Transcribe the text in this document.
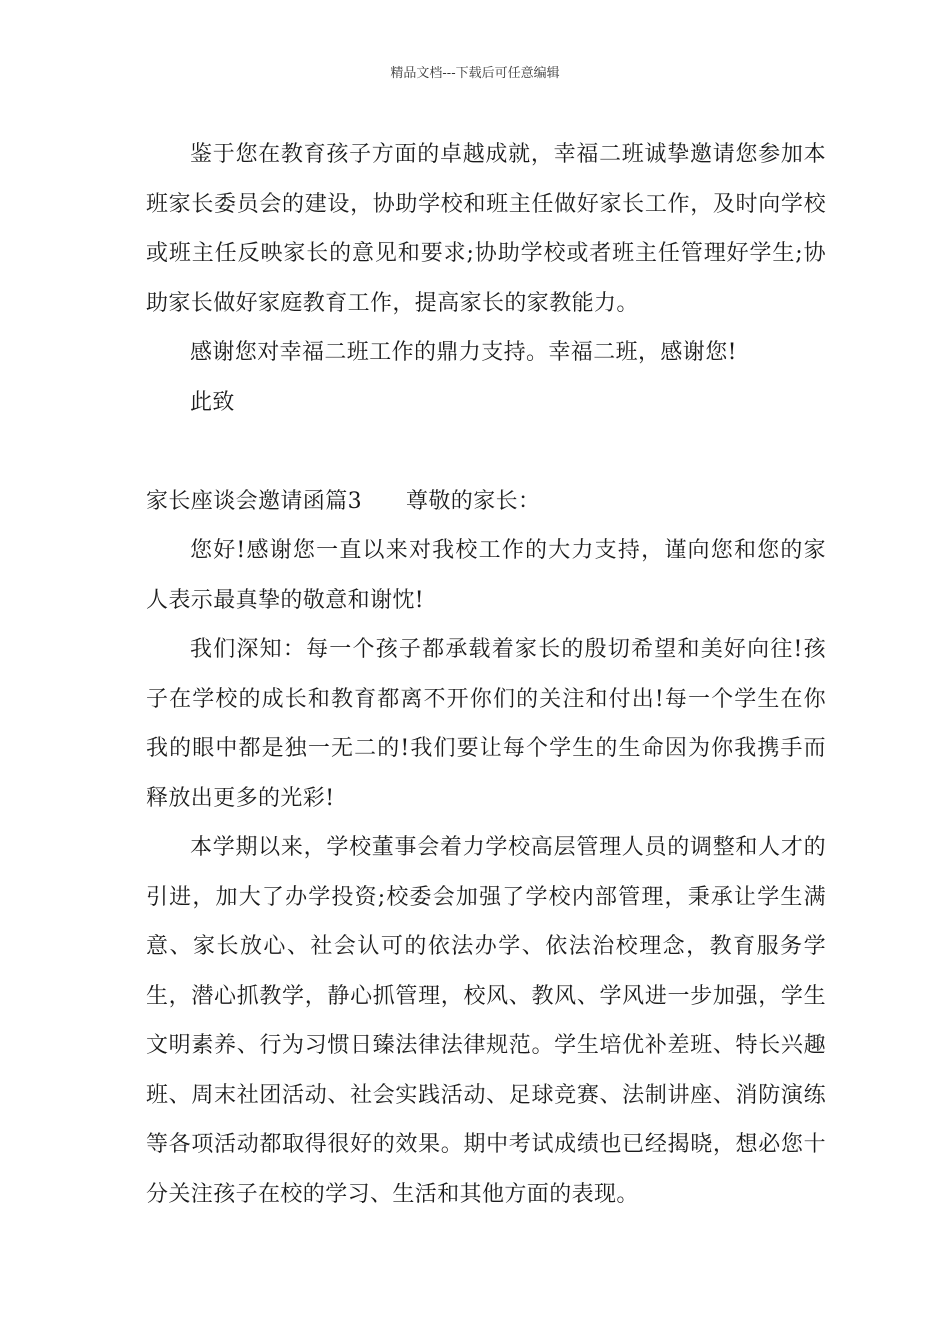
精品文档---下载后可任意编辑

鉴于您在教育孩子方面的卓越成就，幸福二班诚挚邀请您参加本班家长委员会的建设，协助学校和班主任做好家长工作，及时向学校或班主任反映家长的意见和要求;协助学校或者班主任管理好学生;协助家长做好家庭教育工作，提高家长的家教能力。

感谢您对幸福二班工作的鼎力支持。幸福二班，感谢您!

此致

家长座谈会邀请函篇3 尊敬的家长：

您好!感谢您一直以来对我校工作的大力支持，谨向您和您的家人表示最真挚的敬意和谢忱!

我们深知：每一个孩子都承载着家长的殷切希望和美好向往!孩子在学校的成长和教育都离不开你们的关注和付出!每一个学生在你我的眼中都是独一无二的!我们要让每个学生的生命因为你我携手而释放出更多的光彩!

本学期以来，学校董事会着力学校高层管理人员的调整和人才的引进，加大了办学投资;校委会加强了学校内部管理，秉承让学生满意、家长放心、社会认可的依法办学、依法治校理念，教育服务学生，潜心抓教学，静心抓管理，校风、教风、学风进一步加强，学生文明素养、行为习惯日臻法律法律规范。学生培优补差班、特长兴趣班、周末社团活动、社会实践活动、足球竞赛、法制讲座、消防演练等各项活动都取得很好的效果。期中考试成绩也已经揭晓，想必您十分关注孩子在校的学习、生活和其他方面的表现。
